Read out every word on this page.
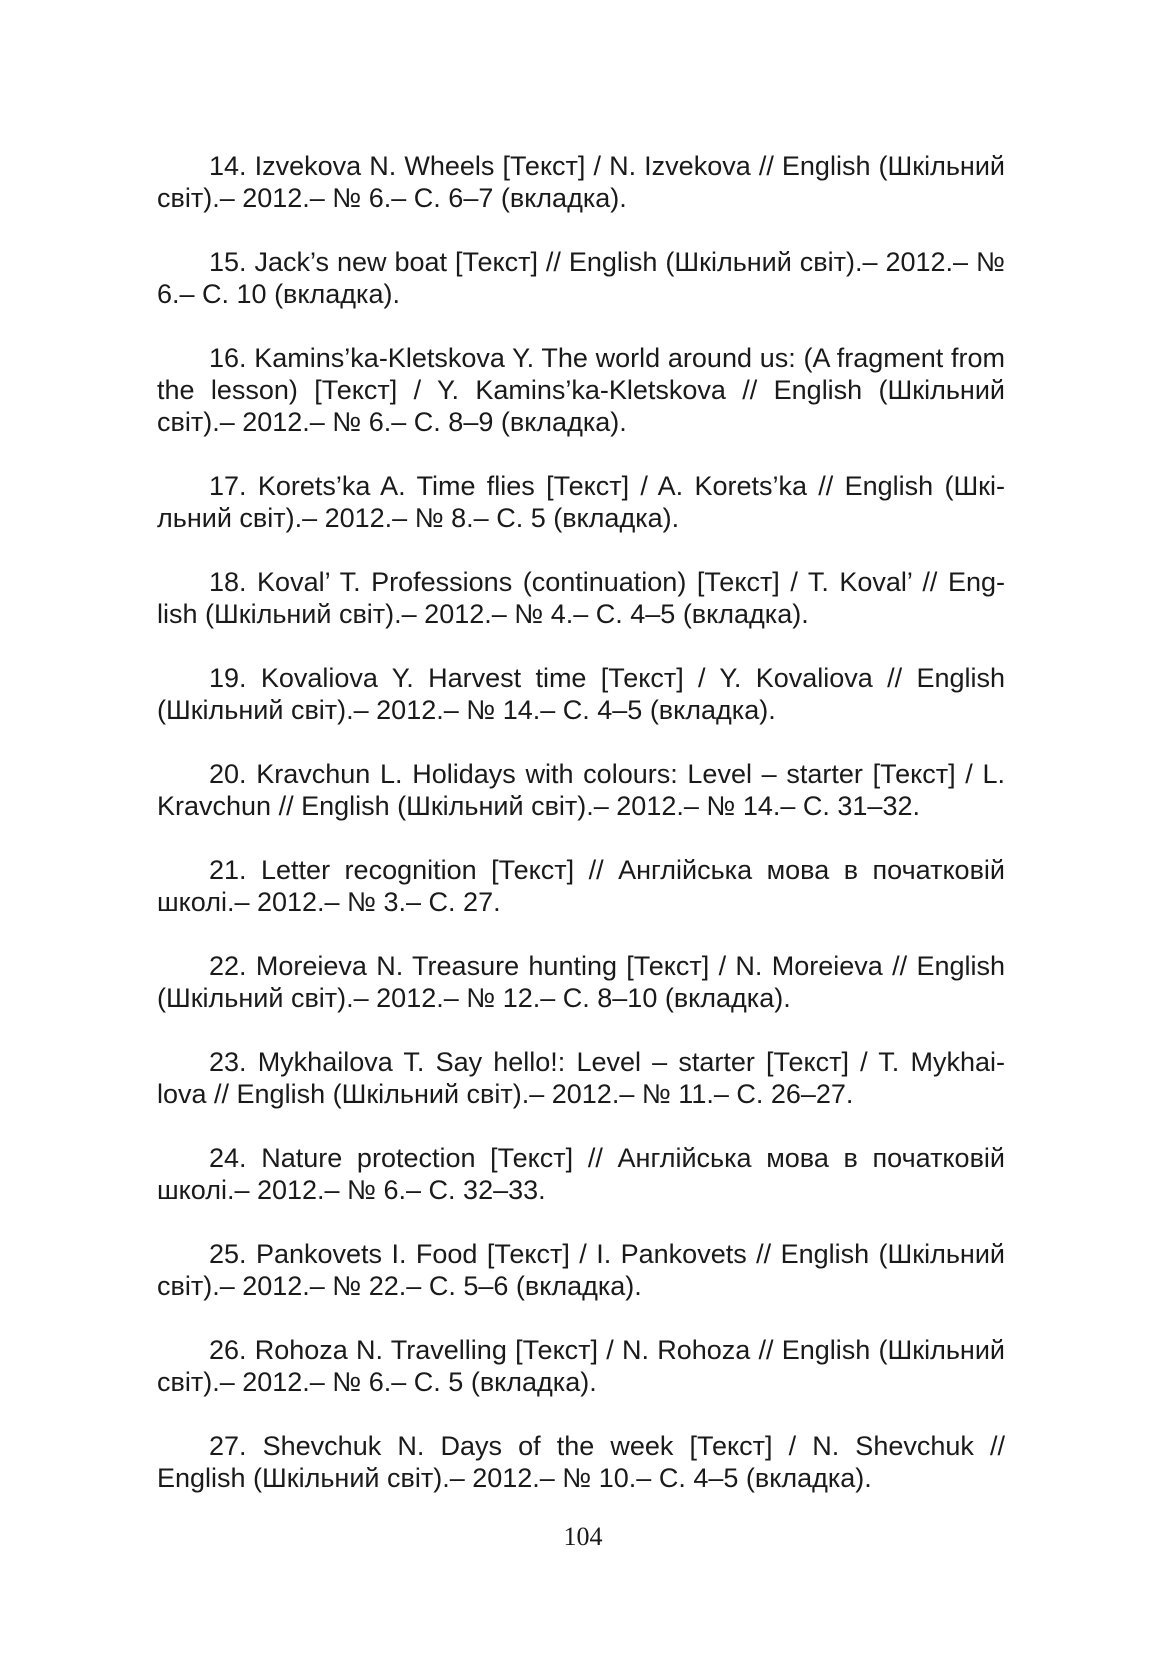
14. Izvekova N. Wheels [Текст] / N. Izvekova // English (Шкільний світ).– 2012.– № 6.– С. 6–7 (вкладка).

15. Jack’s new boat [Текст] // English (Шкільний світ).– 2012.– № 6.– С. 10 (вкладка).

16. Kamins’ka-Kletskova Y. The world around us: (A fragment from the lesson) [Текст] / Y. Kamins’ka-Kletskova // English (Шкільний світ).– 2012.– № 6.– С. 8–9 (вкладка).

17. Korets’ka A. Time flies [Текст] / A. Korets’ka // English (Шкільний світ).– 2012.– № 8.– С. 5 (вкладка).

18. Koval’ T. Professions (continuation) [Текст] / T. Koval’ // English (Шкільний світ).– 2012.– № 4.– С. 4–5 (вкладка).

19. Kovaliova Y. Harvest time [Текст] / Y. Kovaliova // English (Шкільний світ).– 2012.– № 14.– С. 4–5 (вкладка).

20. Kravchun L. Holidays with colours: Level – starter [Текст] / L. Kravchun // English (Шкільний світ).– 2012.– № 14.– С. 31–32.

21. Letter recognition [Текст] // Англійська мова в початковій школі.– 2012.– № 3.– С. 27.

22. Moreieva N. Treasure hunting [Текст] / N. Moreieva // English (Шкільний світ).– 2012.– № 12.– С. 8–10 (вкладка).

23. Mykhailova T. Say hello!: Level – starter [Текст] / T. Mykhailova // English (Шкільний світ).– 2012.– № 11.– С. 26–27.

24. Nature protection [Текст] // Англійська мова в початковій школі.– 2012.– № 6.– С. 32–33.

25. Pankovets I. Food [Текст] / I. Pankovets // English (Шкільний світ).– 2012.– № 22.– С. 5–6 (вкладка).

26. Rohoza N. Travelling [Текст] / N. Rohoza // English (Шкільний світ).– 2012.– № 6.– С. 5 (вкладка).

27. Shevchuk N. Days of the week [Текст] / N. Shevchuk // English (Шкільний світ).– 2012.– № 10.– С. 4–5 (вкладка).

104
